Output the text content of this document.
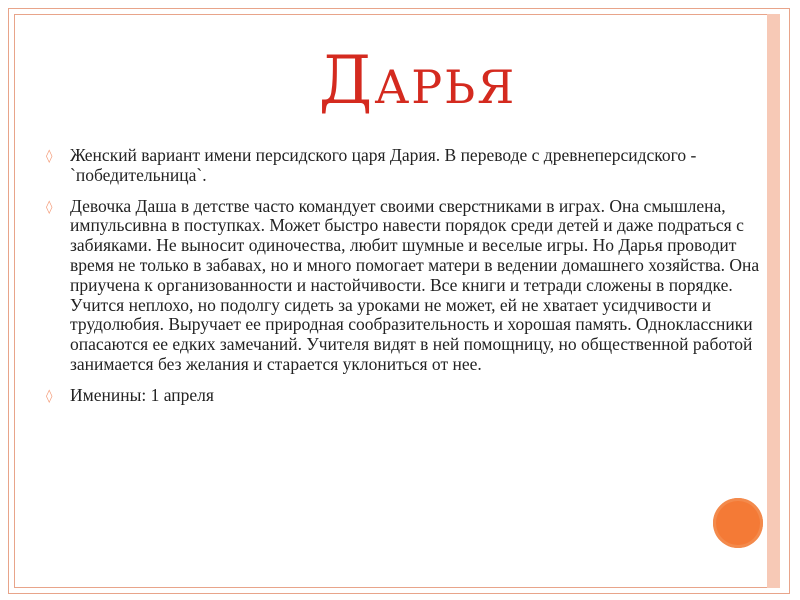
Дарья
◊ Женский вариант имени персидского царя Дария. В переводе с древнеперсидского - `победительница`.
◊ Девочка Даша в детстве часто командует своими сверстниками в играх. Она смышлена, импульсивна в поступках. Может быстро навести порядок среди детей и даже подраться с забияками. Не выносит одиночества, любит шумные и веселые игры. Но Дарья проводит время не только в забавах, но и много помогает матери в ведении домашнего хозяйства. Она приучена к организованности и настойчивости. Все книги и тетради сложены в порядке. Учится неплохо, но подолгу сидеть за уроками не может, ей не хватает усидчивости и трудолюбия. Выручает ее природная сообразительность и хорошая память. Одноклассники опасаются ее едких замечаний. Учителя видят в ней помощницу, но общественной работой занимается без желания и старается уклониться от нее.
◊ Именины: 1 апреля
